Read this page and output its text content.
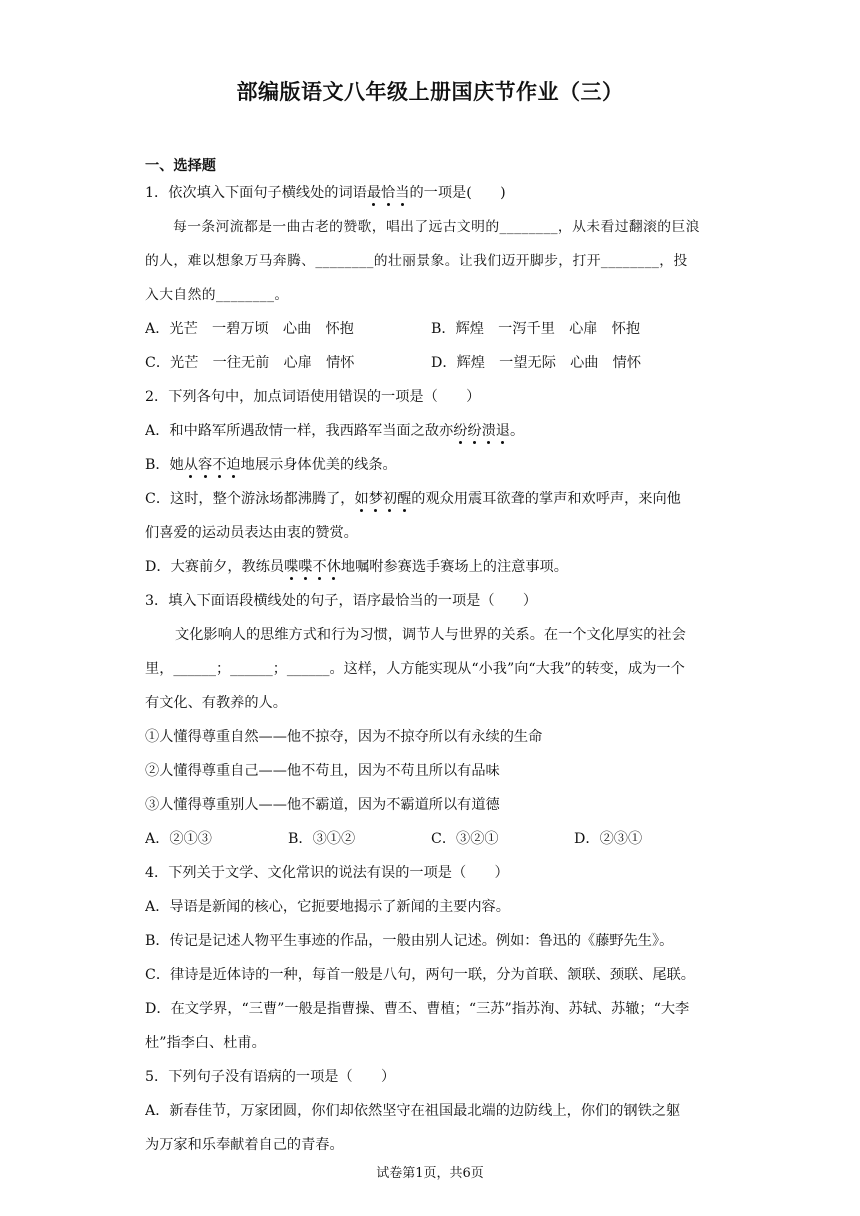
部编版语文八年级上册国庆节作业（三）
一、选择题
1．依次填入下面句子横线处的词语最恰当的一项是(　　)
每一条河流都是一曲古老的赞歌，唱出了远古文明的________，从未看过翻滚的巨浪
的人，难以想象万马奔腾、________的壮丽景象。让我们迈开脚步，打开________，投
入大自然的________。
A．光芒　一碧万顷　心曲　怀抱	B．辉煌　一泻千里　心扉　怀抱
C．光芒　一往无前　心扉　情怀	D．辉煌　一望无际　心曲　情怀
2．下列各句中，加点词语使用错误的一项是（　　）
A．和中路军所遇敌情一样，我西路军当面之敌亦纷纷溃退。
B．她从容不迫地展示身体优美的线条。
C．这时，整个游泳场都沸腾了，如梦初醒的观众用震耳欲聋的掌声和欢呼声，来向他
们喜爱的运动员表达由衷的赞赏。
D．大赛前夕，教练员喋喋不休地嘱咐参赛选手赛场上的注意事项。
3．填入下面语段横线处的句子，语序最恰当的一项是（　　）
文化影响人的思维方式和行为习惯，调节人与世界的关系。在一个文化厚实的社会
里，______；______；______。这样，人方能实现从“小我”向“大我”的转变，成为一个
有文化、有教养的人。
①人懂得尊重自然——他不掠夺，因为不掠夺所以有永续的生命
②人懂得尊重自己——他不苟且，因为不苟且所以有品味
③人懂得尊重别人——他不霸道，因为不霸道所以有道德
A．②①③	B．③①②	C．③②①	D．②③①
4．下列关于文学、文化常识的说法有误的一项是（　　）
A．导语是新闻的核心，它扼要地揭示了新闻的主要内容。
B．传记是记述人物平生事迹的作品，一般由别人记述。例如：鲁迅的《藤野先生》。
C．律诗是近体诗的一种，每首一般是八句，两句一联，分为首联、颔联、颈联、尾联。
D．在文学界，“三曹”一般是指曹操、曹丕、曹植；“三苏”指苏洵、苏轼、苏辙；“大李
杜”指李白、杜甫。
5．下列句子没有语病的一项是（　　）
A．新春佳节，万家团圆，你们却依然坚守在祖国最北端的边防线上，你们的钢铁之躯
为万家和乐奉献着自己的青春。
试卷第1页，共6页
